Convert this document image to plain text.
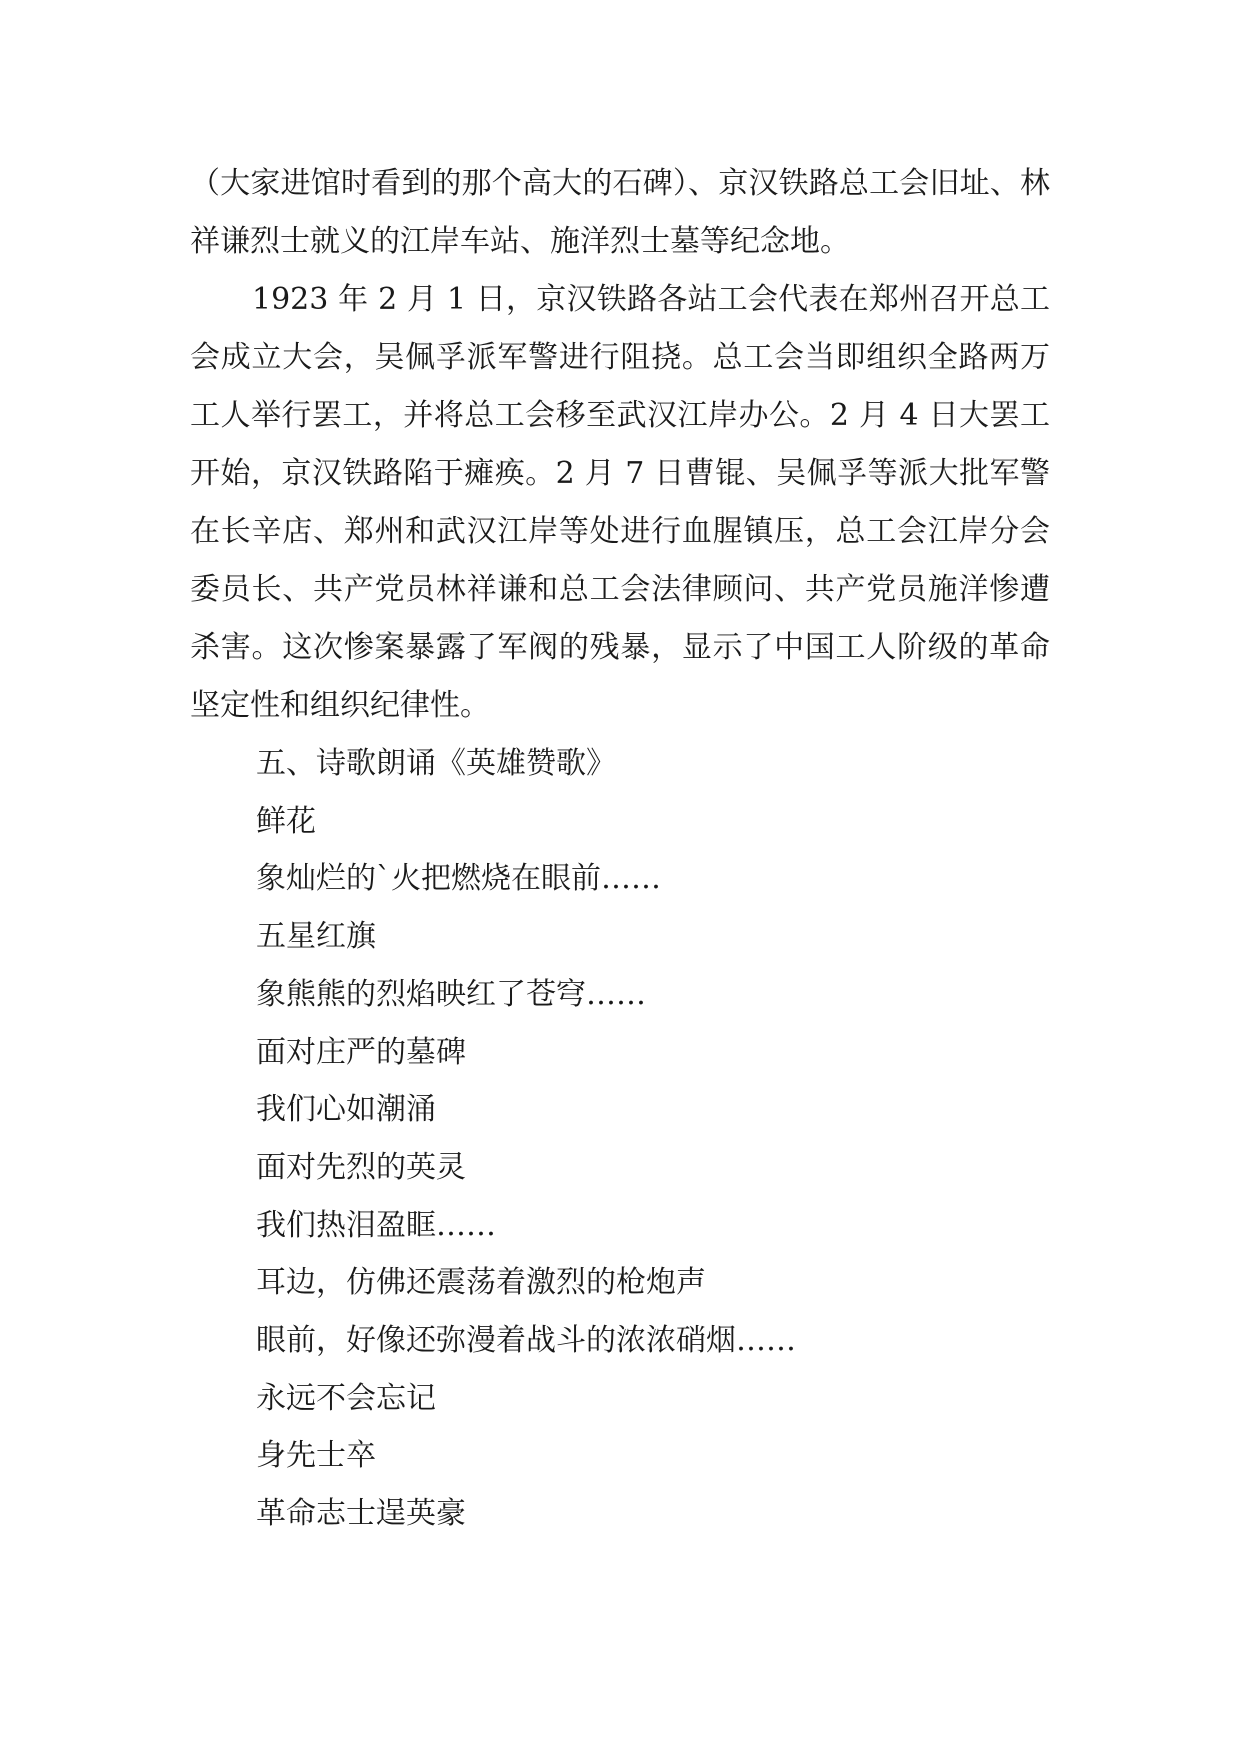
（大家进馆时看到的那个高大的石碑）、京汉铁路总工会旧址、林祥谦烈士就义的江岸车站、施洋烈士墓等纪念地。

1923 年 2 月 1 日，京汉铁路各站工会代表在郑州召开总工会成立大会，吴佩孚派军警进行阻挠。总工会当即组织全路两万工人举行罢工，并将总工会移至武汉江岸办公。2 月 4 日大罢工开始，京汉铁路陷于瘫痪。2 月 7 日曹锟、吴佩孚等派大批军警在长辛店、郑州和武汉江岸等处进行血腥镇压，总工会江岸分会委员长、共产党员林祥谦和总工会法律顾问、共产党员施洋惨遭杀害。这次惨案暴露了军阀的残暴，显示了中国工人阶级的革命坚定性和组织纪律性。

五、诗歌朗诵《英雄赞歌》
鲜花
象灿烂的`火把燃烧在眼前……
五星红旗
象熊熊的烈焰映红了苍穹……
面对庄严的墓碑
我们心如潮涌
面对先烈的英灵
我们热泪盈眶……
耳边，仿佛还震荡着激烈的枪炮声
眼前，好像还弥漫着战斗的浓浓硝烟……
永远不会忘记
身先士卒
革命志士逞英豪
